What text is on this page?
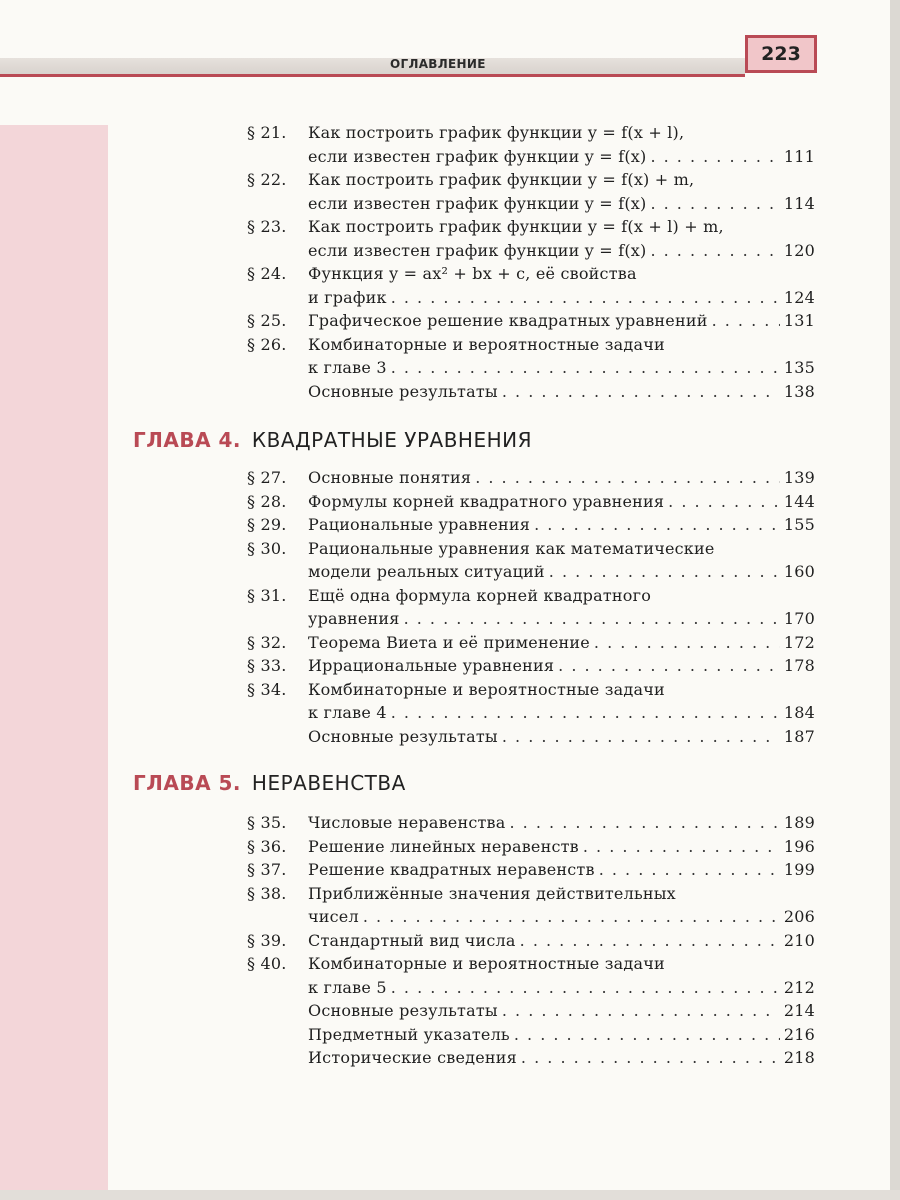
ОГЛАВЛЕНИЕ	223
§ 21. Как построить график функции y = f(x + l),
если известен график функции y = f(x) . . .	111
§ 22. Как построить график функции y = f(x) + m,
если известен график функции y = f(x) . . .	114
§ 23. Как построить график функции y = f(x + l) + m,
если известен график функции y = f(x) . . .	120
§ 24. Функция y = ax² + bx + c, её свойства
и график . . .	124
§ 25. Графическое решение квадратных уравнений . . .	131
§ 26. Комбинаторные и вероятностные задачи
к главе 3 . . .	135
Основные результаты . . .	138
ГЛАВА 4. КВАДРАТНЫЕ УРАВНЕНИЯ
§ 27. Основные понятия . . .	139
§ 28. Формулы корней квадратного уравнения . . .	144
§ 29. Рациональные уравнения . . .	155
§ 30. Рациональные уравнения как математические
модели реальных ситуаций . . .	160
§ 31. Ещё одна формула корней квадратного
уравнения . . .	170
§ 32. Теорема Виета и её применение . . .	172
§ 33. Иррациональные уравнения . . .	178
§ 34. Комбинаторные и вероятностные задачи
к главе 4 . . .	184
Основные результаты . . .	187
ГЛАВА 5. НЕРАВЕНСТВА
§ 35. Числовые неравенства . . .	189
§ 36. Решение линейных неравенств . . .	196
§ 37. Решение квадратных неравенств . . .	199
§ 38. Приближённые значения действительных
чисел . . .	206
§ 39. Стандартный вид числа . . .	210
§ 40. Комбинаторные и вероятностные задачи
к главе 5 . . .	212
Основные результаты . . .	214
Предметный указатель . . .	216
Исторические сведения . . .	218
